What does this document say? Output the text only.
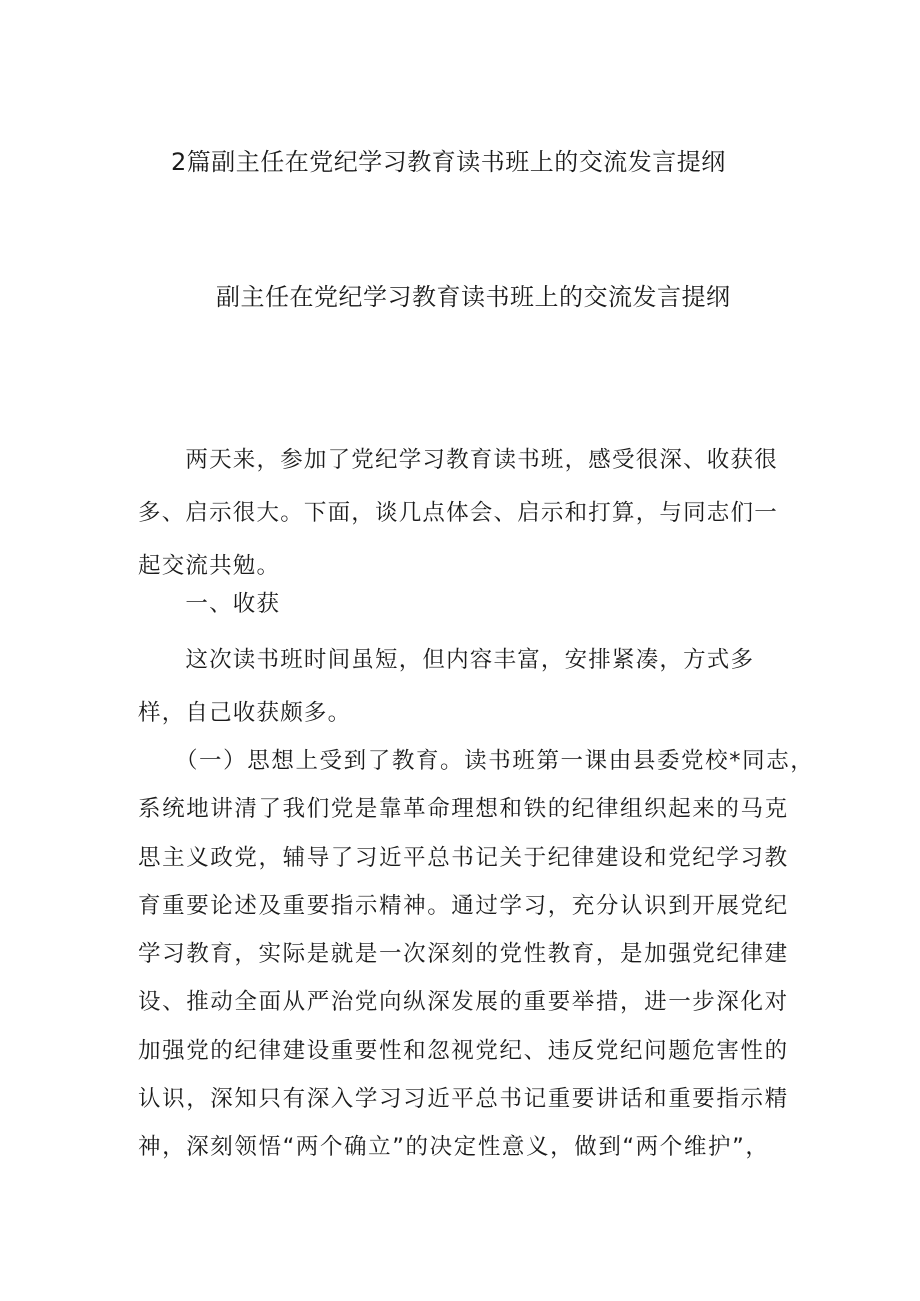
2篇副主任在党纪学习教育读书班上的交流发言提纲
副主任在党纪学习教育读书班上的交流发言提纲

　　两天来，参加了党纪学习教育读书班，感受很深、收获很
多、启示很大。下面，谈几点体会、启示和打算，与同志们一
起交流共勉。

　　一、收获

　　这次读书班时间虽短，但内容丰富，安排紧凑，方式多
样，自己收获颇多。

　　（一）思想上受到了教育。读书班第一课由县委党校*同志，
系统地讲清了我们党是靠革命理想和铁的纪律组织起来的马克
思主义政党，辅导了习近平总书记关于纪律建设和党纪学习教
育重要论述及重要指示精神。通过学习，充分认识到开展党纪
学习教育，实际是就是一次深刻的党性教育，是加强党纪律建
设、推动全面从严治党向纵深发展的重要举措，进一步深化对
加强党的纪律建设重要性和忽视党纪、违反党纪问题危害性的
认识，深知只有深入学习习近平总书记重要讲话和重要指示精
神，深刻领悟“两个确立”的决定性意义，做到“两个维护”，
